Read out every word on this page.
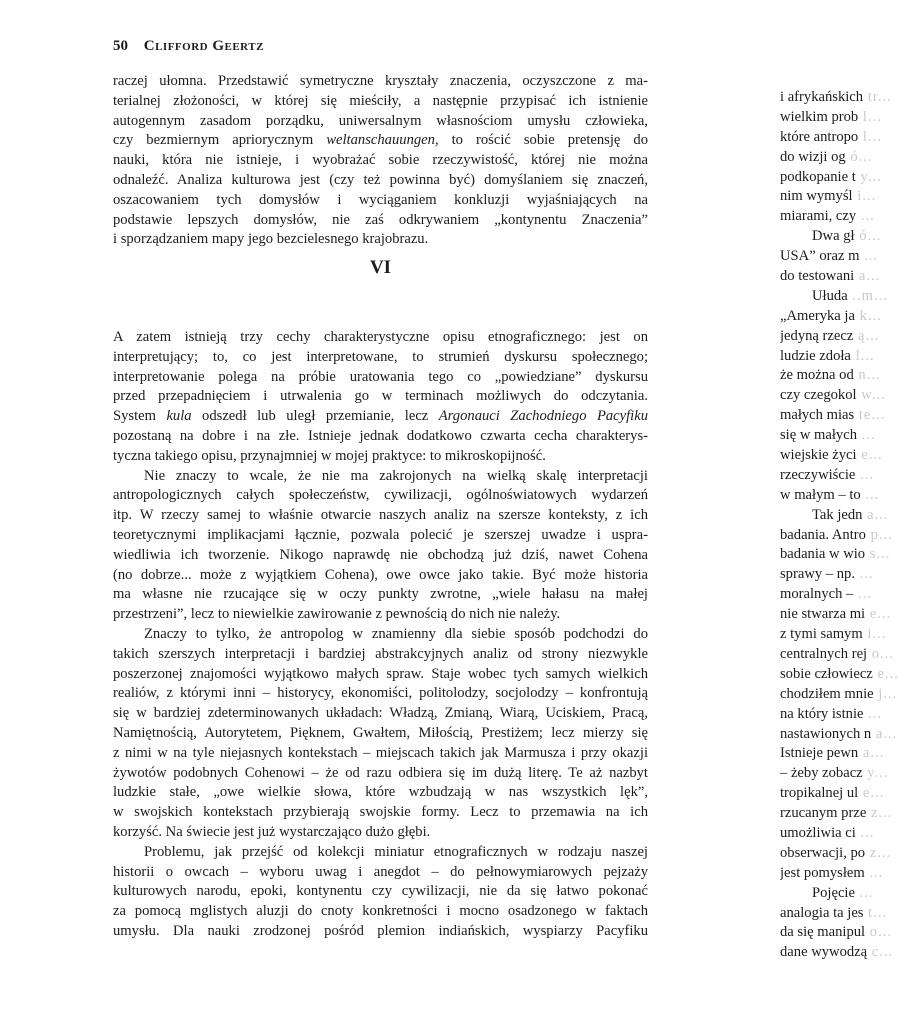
50 Clifford Geertz
raczej ułomna. Przedstawić symetryczne kryształy znaczenia, oczyszczone z ma-
terialnej złożoności, w której się mieściły, a następnie przypisać ich istnienie
autogennym zasadom porządku, uniwersalnym własnościom umysłu człowieka,
czy bezmiernym apriorycznym weltanschauungen, to rościć sobie pretensję do
nauki, która nie istnieje, i wyobrażać sobie rzeczywistość, której nie można
odnaleźć. Analiza kulturowa jest (czy też powinna być) domyślaniem się znaczeń,
oszacowaniem tych domysłów i wyciąganiem konkluzji wyjaśniających na
podstawie lepszych domysłów, nie zaś odkrywaniem „kontynentu Znaczenia”
i sporządzaniem mapy jego bezcielesnego krajobrazu.
VI
A zatem istnieją trzy cechy charakterystyczne opisu etnograficznego: jest on
interpretujący; to, co jest interpretowane, to strumień dyskursu społecznego;
interpretowanie polega na próbie uratowania tego co „powiedziane” dyskursu
przed przepadnięciem i utrwalenia go w terminach możliwych do odczytania.
System kula odszedł lub uległ przemianie, lecz Argonauci Zachodniego Pacyfiku
pozostaną na dobre i na złe. Istnieje jednak dodatkowo czwarta cecha charakterys-
tyczna takiego opisu, przynajmniej w mojej praktyce: to mikroskopijność.
Nie znaczy to wcale, że nie ma zakrojonych na wielką skalę interpretacji
antropologicznych całych społeczeństw, cywilizacji, ogólnoświatowych wydarzeń
itp. W rzeczy samej to właśnie otwarcie naszych analiz na szersze konteksty, z ich
teoretycznymi implikacjami łącznie, pozwala polecić je szerszej uwadze i uspra-
wiedliwia ich tworzenie. Nikogo naprawdę nie obchodzą już dziś, nawet Cohena
(no dobrze... może z wyjątkiem Cohena), owe owce jako takie. Być może historia
ma własne nie rzucające się w oczy punkty zwrotne, „wiele hałasu na małej
przestrzeni”, lecz to niewielkie zawirowanie z pewnością do nich nie należy.
Znaczy to tylko, że antropolog w znamienny dla siebie sposób podchodzi do
takich szerszych interpretacji i bardziej abstrakcyjnych analiz od strony niezwykle
poszerzonej znajomości wyjątkowo małych spraw. Staje wobec tych samych wielkich
realiów, z którymi inni – historycy, ekonomiści, politolodzy, socjolodzy – konfrontują
się w bardziej zdeterminowanych układach: Władzą, Zmianą, Wiarą, Uciskiem, Pracą,
Namiętnością, Autorytetem, Pięknem, Gwałtem, Miłością, Prestiżem; lecz mierzy się
z nimi w na tyle niejasnych kontekstach – miejscach takich jak Marmusza i przy okazji
żywotów podobnych Cohenowi – że od razu odbiera się im dużą literę. Te aż nazbyt
ludzkie stałe, „owe wielkie słowa, które wzbudzają w nas wszystkich lęk”,
w swojskich kontekstach przybierają swojskie formy. Lecz to przemawia na ich
korzyść. Na świecie jest już wystarczająco dużo głębi.
Problemu, jak przejść od kolekcji miniatur etnograficznych w rodzaju naszej
historii o owcach – wyboru uwag i anegdot – do pełnowymiarowych pejzaży
kulturowych narodu, epoki, kontynentu czy cywilizacji, nie da się łatwo pokonać
za pomocą mglistych aluzji do cnoty konkretności i mocno osadzonego w faktach
umysłu. Dla nauki zrodzonej pośród plemion indiańskich, wyspiarzy Pacyfiku
i afrykańskich tr...
wielkim prob l...
które antropo l...
do wizji og ó...
podkopanie t y...
nim wymyśl i...
miarami, czy ...
Dwa gł ó...
USA” oraz m ...
do testowani a...
Ułuda ..m...
„Ameryka ja k...
jedyną rzecz ą...
ludzie zdoła l...
że można od n...
czy czegokol w...
małych mias te...
się w małych ...
wiejskie życi e...
rzeczywiście ...
w małym – to ...
Tak jedn a...
badania. Antro p...
badania w wio s...
sprawy – np. ...
moralnych – ...
nie stwarza mi e...
z tymi samym i...
centralnych rej o...
sobie człowiecz e...
chodziłem mnie j...
na który istnie ...
nastawionych n a...
Istnieje pewn a...
– żeby zobacz y...
tropikalnej ul e...
rzucanym prze z...
umożliwia ci ...
obserwacji, po z...
jest pomysłem ...
Pojęcie ...
analogia ta jes t...
da się manipul o...
dane wywodzą c...
